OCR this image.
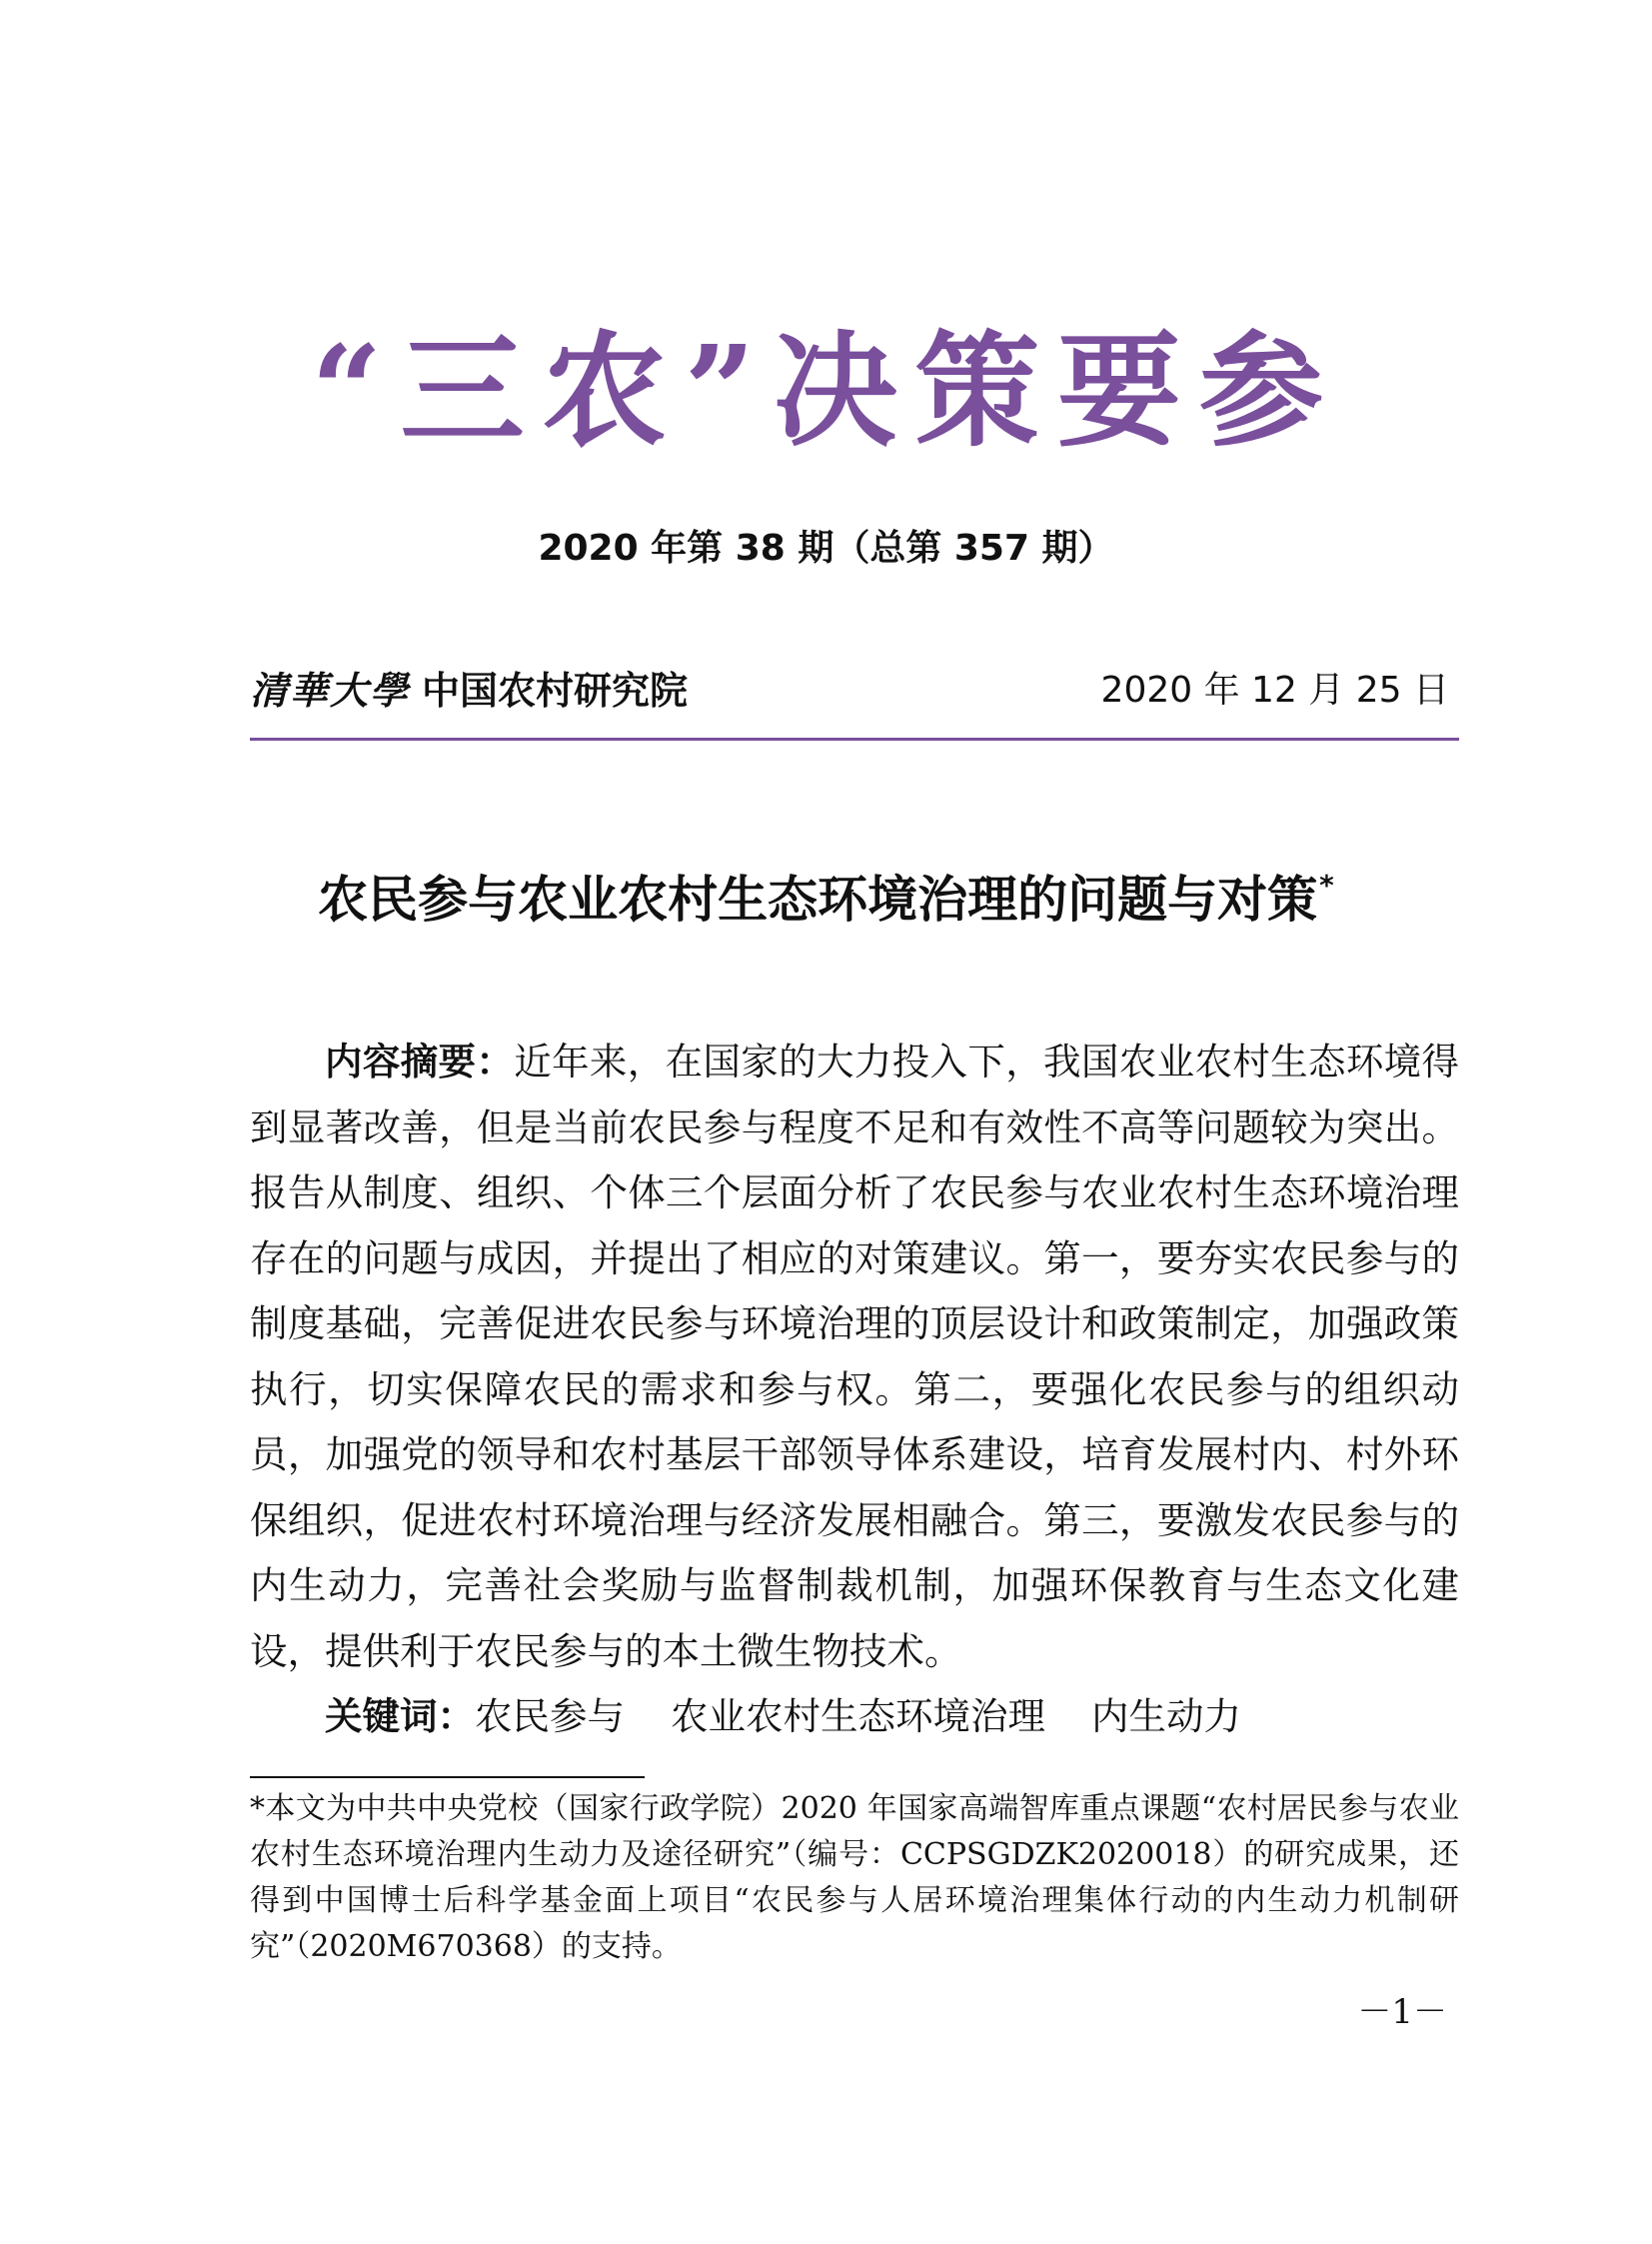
“三农”决策要参
2020 年第 38 期（总第 357 期）
清華大學 中国农村研究院	2020 年 12 月 25 日
农民参与农业农村生态环境治理的问题与对策*

内容摘要：近年来，在国家的大力投入下，我国农业农村生态环境得到显著改善，但是当前农民参与程度不足和有效性不高等问题较为突出。报告从制度、组织、个体三个层面分析了农民参与农业农村生态环境治理存在的问题与成因，并提出了相应的对策建议。第一，要夯实农民参与的制度基础，完善促进农民参与环境治理的顶层设计和政策制定，加强政策执行，切实保障农民的需求和参与权。第二，要强化农民参与的组织动员，加强党的领导和农村基层干部领导体系建设，培育发展村内、村外环保组织，促进农村环境治理与经济发展相融合。第三，要激发农民参与的内生动力，完善社会奖励与监督制裁机制，加强环保教育与生态文化建设，提供利于农民参与的本土微生物技术。

关键词：农民参与 农业农村生态环境治理 内生动力

*本文为中共中央党校（国家行政学院）2020 年国家高端智库重点课题“农村居民参与农业农村生态环境治理内生动力及途径研究”（编号：CCPSGDZK2020018）的研究成果，还得到中国博士后科学基金面上项目“农民参与人居环境治理集体行动的内生动力机制研究”（2020M670368）的支持。

－1－
